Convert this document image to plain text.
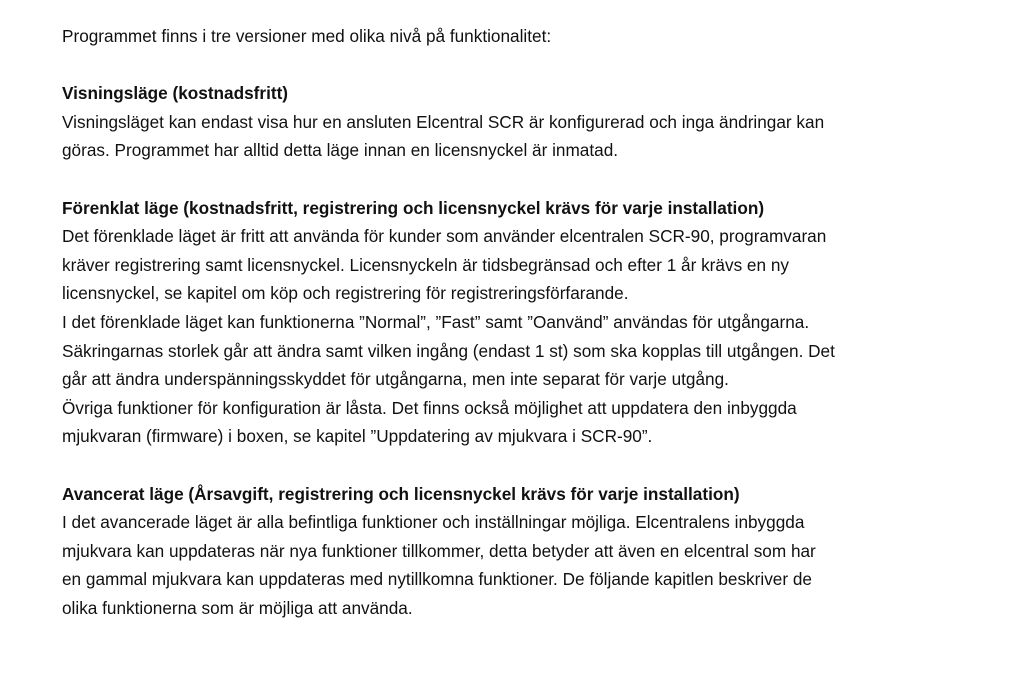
Programmet finns i tre versioner med olika nivå på funktionalitet:

Visningsläge (kostnadsfritt)

Visningsläget kan endast visa hur en ansluten Elcentral SCR är konfigurerad och inga ändringar kan

göras. Programmet har alltid detta läge innan en licensnyckel är inmatad.

Förenklat läge (kostnadsfritt, registrering och licensnyckel krävs för varje installation)

Det förenklade läget är fritt att använda för kunder som använder elcentralen SCR-90, programvaran

kräver registrering samt licensnyckel. Licensnyckeln är tidsbegränsad och efter 1 år krävs en ny

licensnyckel, se kapitel om köp och registrering för registreringsförfarande.

I det förenklade läget kan funktionerna ”Normal”, ”Fast” samt ”Oanvänd” användas för utgångarna.

Säkringarnas storlek går att ändra samt vilken ingång (endast 1 st) som ska kopplas till utgången. Det

går att ändra underspänningsskyddet för utgångarna, men inte separat för varje utgång.

Övriga funktioner för konfiguration är låsta. Det finns också möjlighet att uppdatera den inbyggda

mjukvaran (firmware) i boxen, se kapitel ”Uppdatering av mjukvara i SCR-90”.

Avancerat läge (Årsavgift, registrering och licensnyckel krävs för varje installation)

I det avancerade läget är alla befintliga funktioner och inställningar möjliga. Elcentralens inbyggda

mjukvara kan uppdateras när nya funktioner tillkommer, detta betyder att även en elcentral som har

en gammal mjukvara kan uppdateras med nytillkomna funktioner. De följande kapitlen beskriver de

olika funktionerna som är möjliga att använda.
